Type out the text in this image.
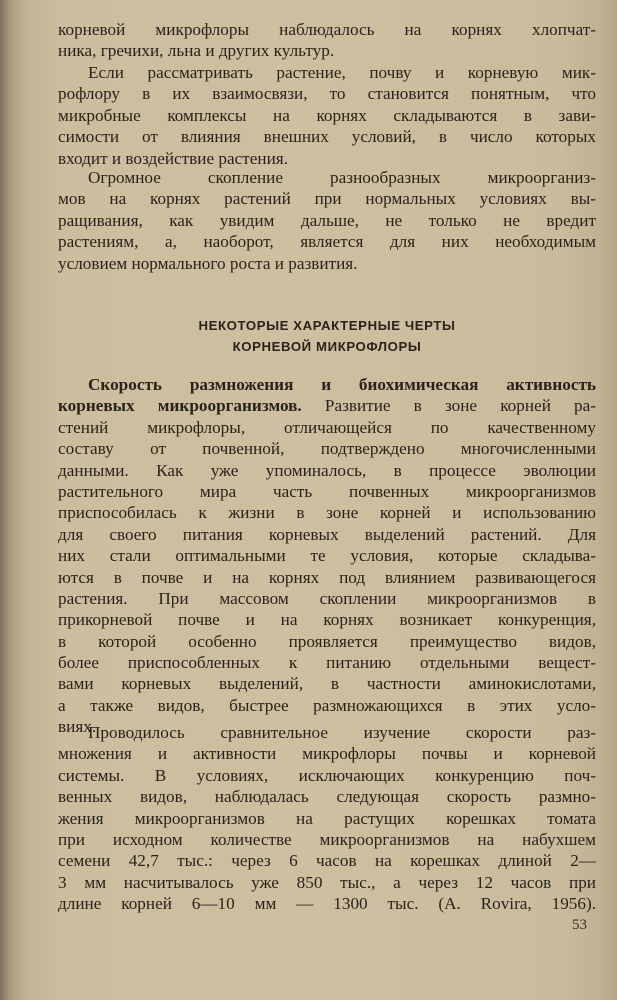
корневой микрофлоры наблюдалось на корнях хлопчат-
ника, гречихи, льна и других культур.
Если рассматривать растение, почву и корневую мик-
рофлору в их взаимосвязи, то становится понятным, что
микробные комплексы на корнях складываются в зави-
симости от влияния внешних условий, в число которых
входит и воздействие растения.
Огромное скопление разнообразных микроорганиз-
мов на корнях растений при нормальных условиях вы-
ращивания, как увидим дальше, не только не вредит
растениям, а, наоборот, является для них необходимым
условием нормального роста и развития.
НЕКОТОРЫЕ ХАРАКТЕРНЫЕ ЧЕРТЫ
КОРНЕВОЙ МИКРОФЛОРЫ
Скорость размножения и биохимическая активность
корневых микроорганизмов. Развитие в зоне корней ра-
стений микрофлоры, отличающейся по качественному
составу от почвенной, подтверждено многочисленными
данными. Как уже упоминалось, в процессе эволюции
растительного мира часть почвенных микроорганизмов
приспособилась к жизни в зоне корней и использованию
для своего питания корневых выделений растений. Для
них стали оптимальными те условия, которые складыва-
ются в почве и на корнях под влиянием развивающегося
растения. При массовом скоплении микроорганизмов в
прикорневой почве и на корнях возникает конкуренция,
в которой особенно проявляется преимущество видов,
более приспособленных к питанию отдельными вещест-
вами корневых выделений, в частности аминокислотами,
а также видов, быстрее размножающихся в этих усло-
виях.
Проводилось сравнительное изучение скорости раз-
множения и активности микрофлоры почвы и корневой
системы. В условиях, исключающих конкуренцию поч-
венных видов, наблюдалась следующая скорость размно-
жения микроорганизмов на растущих корешках томата
при исходном количестве микроорганизмов на набухшем
семени 42,7 тыс.: через 6 часов на корешках длиной 2—
3 мм насчитывалось уже 850 тыс., а через 12 часов при
длине корней 6—10 мм — 1300 тыс. (A. Rovira, 1956).
53
